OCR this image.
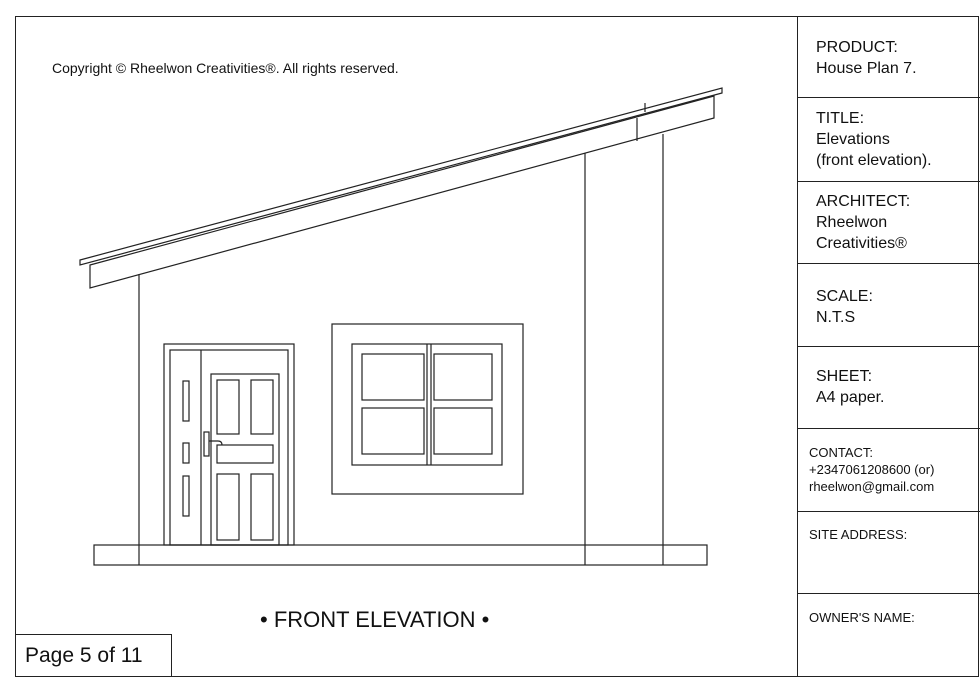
Copyright © Rheelwon Creativities®. All rights reserved.
• FRONT ELEVATION •
Page 5 of 11
PRODUCT:
House Plan 7.
TITLE:
Elevations
(front elevation).
ARCHITECT:
Rheelwon
Creativities®
SCALE:
N.T.S
SHEET:
A4 paper.
CONTACT:
+2347061208600 (or)
rheelwon@gmail.com
SITE ADDRESS:
OWNER'S NAME:
